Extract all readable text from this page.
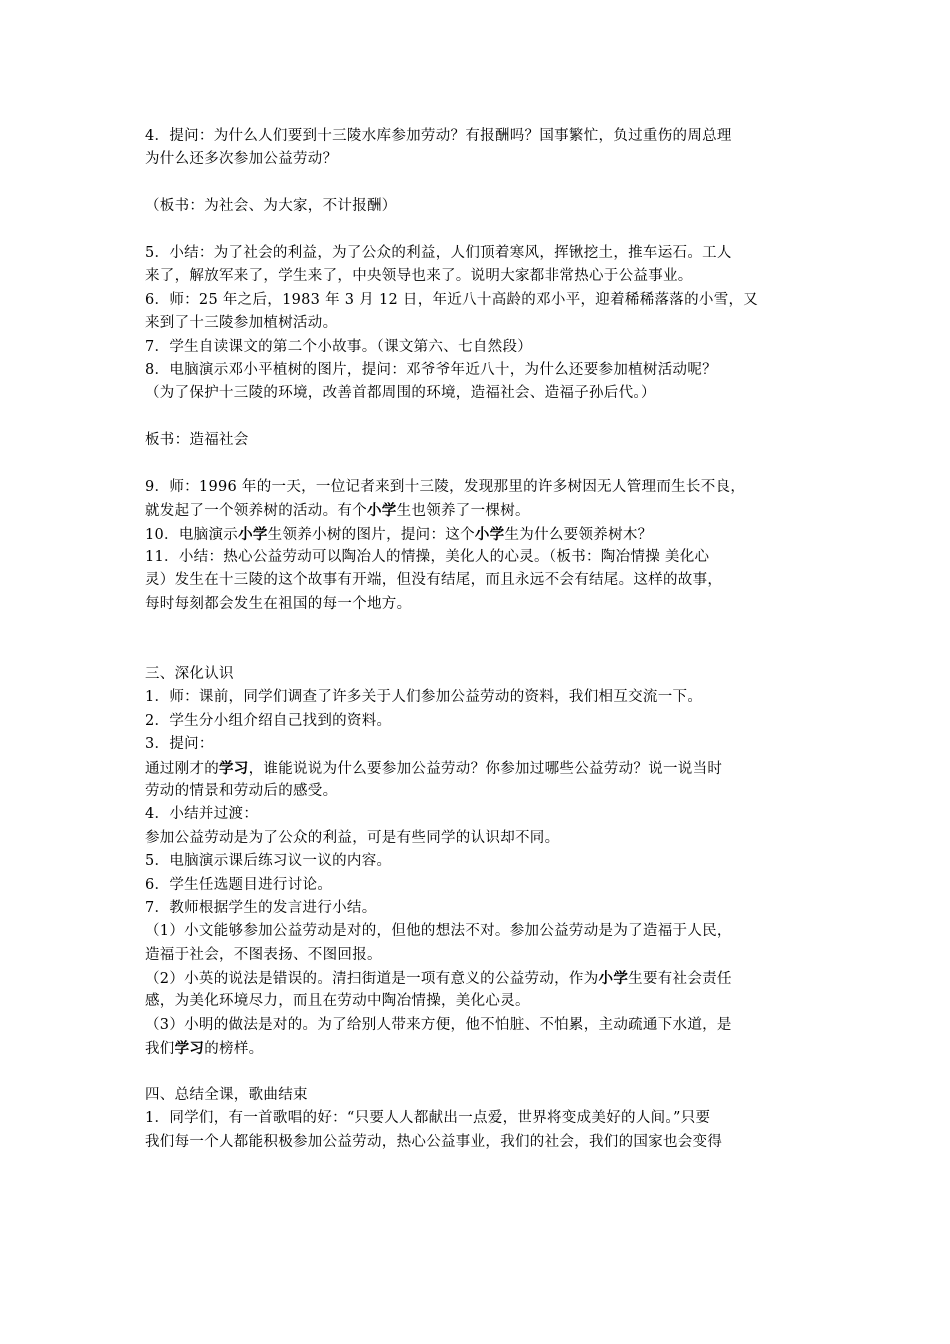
4．提问：为什么人们要到十三陵水库参加劳动？有报酬吗？国事繁忙，负过重伤的周总理
为什么还多次参加公益劳动？
（板书：为社会、为大家，不计报酬）
5．小结：为了社会的利益，为了公众的利益，人们顶着寒风，挥锹挖土，推车运石。工人
来了，解放军来了，学生来了，中央领导也来了。说明大家都非常热心于公益事业。
6．师：25 年之后，1983 年 3 月 12 日，年近八十高龄的邓小平，迎着稀稀落落的小雪，又
来到了十三陵参加植树活动。
7．学生自读课文的第二个小故事。（课文第六、七自然段）
8．电脑演示邓小平植树的图片，提问：邓爷爷年近八十，为什么还要参加植树活动呢？
（为了保护十三陵的环境，改善首都周围的环境，造福社会、造福子孙后代。）
板书：造福社会
9．师：1996 年的一天，一位记者来到十三陵，发现那里的许多树因无人管理而生长不良，
就发起了一个领养树的活动。有个小学生也领养了一棵树。
10．电脑演示小学生领养小树的图片，提问：这个小学生为什么要领养树木？
11．小结：热心公益劳动可以陶冶人的情操，美化人的心灵。（板书：陶冶情操 美化心
灵）发生在十三陵的这个故事有开端，但没有结尾，而且永远不会有结尾。这样的故事，
每时每刻都会发生在祖国的每一个地方。
三、深化认识
1．师：课前，同学们调查了许多关于人们参加公益劳动的资料，我们相互交流一下。
2．学生分小组介绍自己找到的资料。
3．提问：
通过刚才的学习，谁能说说为什么要参加公益劳动？你参加过哪些公益劳动？说一说当时
劳动的情景和劳动后的感受。
4．小结并过渡：
参加公益劳动是为了公众的利益，可是有些同学的认识却不同。
5．电脑演示课后练习议一议的内容。
6．学生任选题目进行讨论。
7．教师根据学生的发言进行小结。
（1）小文能够参加公益劳动是对的，但他的想法不对。参加公益劳动是为了造福于人民，
造福于社会，不图表扬、不图回报。
（2）小英的说法是错误的。清扫街道是一项有意义的公益劳动，作为小学生要有社会责任
感，为美化环境尽力，而且在劳动中陶冶情操，美化心灵。
（3）小明的做法是对的。为了给别人带来方便，他不怕脏、不怕累，主动疏通下水道，是
我们学习的榜样。
四、总结全课，歌曲结束
1．同学们，有一首歌唱的好：“只要人人都献出一点爱，世界将变成美好的人间。”只要
我们每一个人都能积极参加公益劳动，热心公益事业，我们的社会，我们的国家也会变得
